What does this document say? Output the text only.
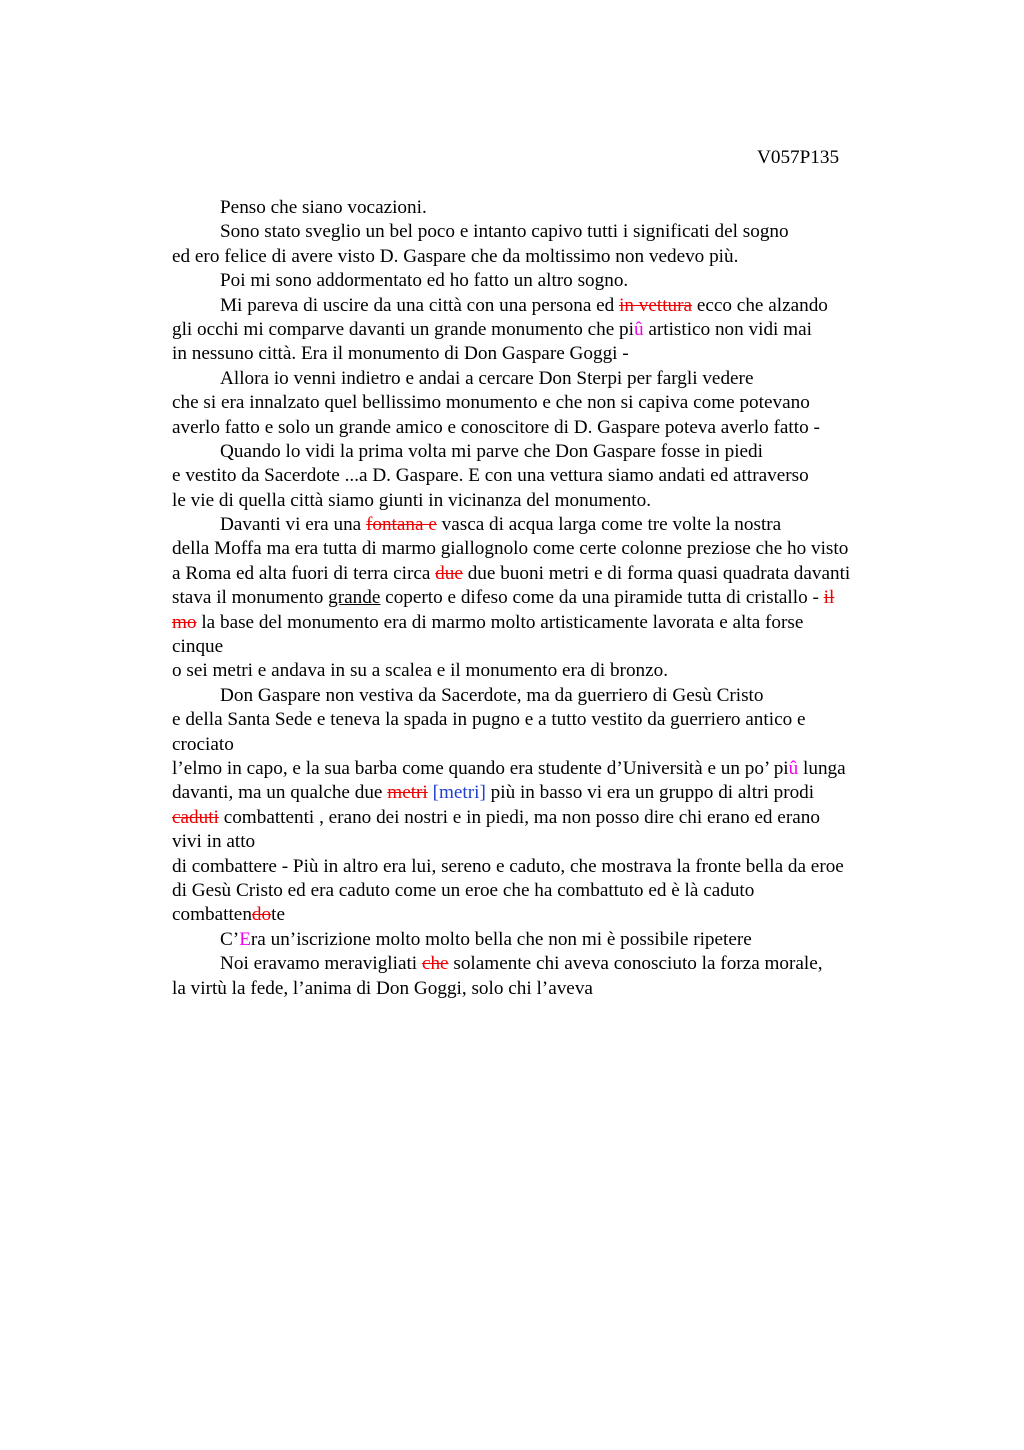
V057P135
Penso che siano vocazioni.
Sono stato sveglio un bel poco e intanto capivo tutti i significati del sogno
ed ero felice di avere visto D. Gaspare che da moltissimo non vedevo più.
Poi mi sono addormentato ed ho fatto un altro sogno.
Mi pareva di uscire da una città con una persona ed in vettura ecco che alzando
gli occhi mi comparve davanti un grande monumento che piû artistico non vidi mai
in nessuno città. Era il monumento di Don Gaspare Goggi -
Allora io venni indietro e andai a cercare Don Sterpi per fargli vedere
che si era innalzato quel bellissimo monumento e che non si capiva come potevano
averlo fatto e solo un grande amico e conoscitore di D. Gaspare poteva averlo fatto -
Quando lo vidi la prima volta mi parve che Don Gaspare fosse in piedi
e vestito da Sacerdote ...a D. Gaspare. E con una vettura siamo andati ed attraverso
le vie di quella città siamo giunti in vicinanza del monumento.
Davanti vi era una fontana e vasca di acqua larga come tre volte la nostra
della Moffa ma era tutta di marmo giallognolo come certe colonne preziose che ho visto
a Roma ed alta fuori di terra circa due due buoni metri e di forma quasi quadrata davanti
stava il monumento grande coperto e difeso come da una piramide tutta di cristallo - il
mo la base del monumento era di marmo molto artisticamente lavorata e alta forse
cinque
o sei metri e andava in su a scalea e il monumento era di bronzo.
Don Gaspare non vestiva da Sacerdote, ma da guerriero di Gesù Cristo
e della Santa Sede e teneva la spada in pugno e a tutto vestito da guerriero antico e
crociato
l’elmo in capo, e la sua barba come quando era studente d’Università e un po’ piû lunga
davanti, ma un qualche due metri [metri] più in basso vi era un gruppo di altri prodi
caduti combattenti , erano dei nostri e in piedi, ma non posso dire chi erano ed erano
vivi in atto
di combattere - Più in altro era lui, sereno e caduto, che mostrava la fronte bella da eroe
di Gesù Cristo ed era caduto come un eroe che ha combattuto ed è là caduto
combattendote
C’Era un’iscrizione molto molto bella che non mi è possibile ripetere
Noi eravamo meravigliati che solamente chi aveva conosciuto la forza morale,
la virtù la fede, l’anima di Don Goggi, solo chi l’aveva
